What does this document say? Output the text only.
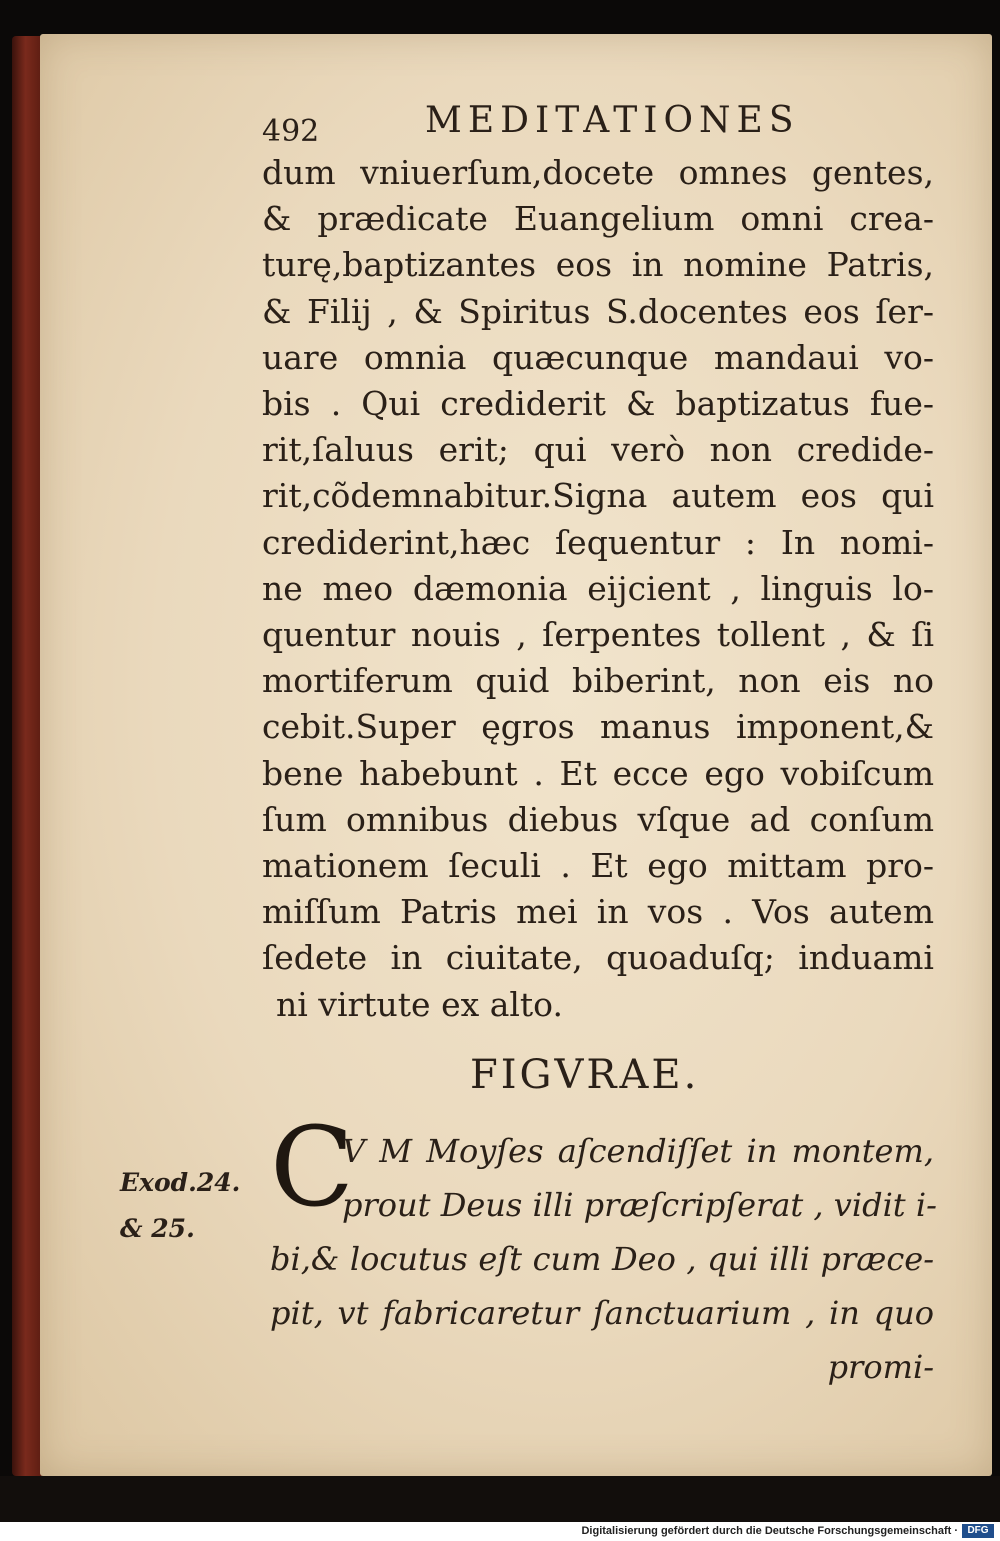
492	MEDITATIONES
dum vniuerſum,docete omnes gentes,
& prædicate Euangelium omni crea-
turę,baptizantes eos in nomine Patris,
& Filij , & Spiritus S.docentes eos ſer-
uare omnia quæcunque mandaui vo-
bis . Qui crediderit & baptizatus fue-
rit,ſaluus erit; qui verò non credide-
rit,cõdemnabitur.Signa autem eos qui
crediderint,hæc ſequentur : In nomi-
ne meo dæmonia eijcient , linguis lo-
quentur nouis , ſerpentes tollent , & ſi
mortiferum quid biberint, non eis no
cebit.Super ęgros manus imponent,&
bene habebunt . Et ecce ego vobiſcum
ſum omnibus diebus vſque ad conſum
mationem ſeculi . Et ego mittam pro-
miſſum Patris mei in vos . Vos autem
ſedete in ciuitate, quoaduſq; induami
ni virtute ex alto.
FIGVRAE.
Exod.24.
& 25. C
V M Moyſes aſcendiſſet in montem,
prout Deus illi præſcripſerat , vidit i-
bi,& locutus eſt cum Deo , qui illi præce-
pit, vt fabricaretur ſanctuarium , in quo
promi-
Digitalisierung gefördert durch die Deutsche Forschungsgemeinschaft · DFG
